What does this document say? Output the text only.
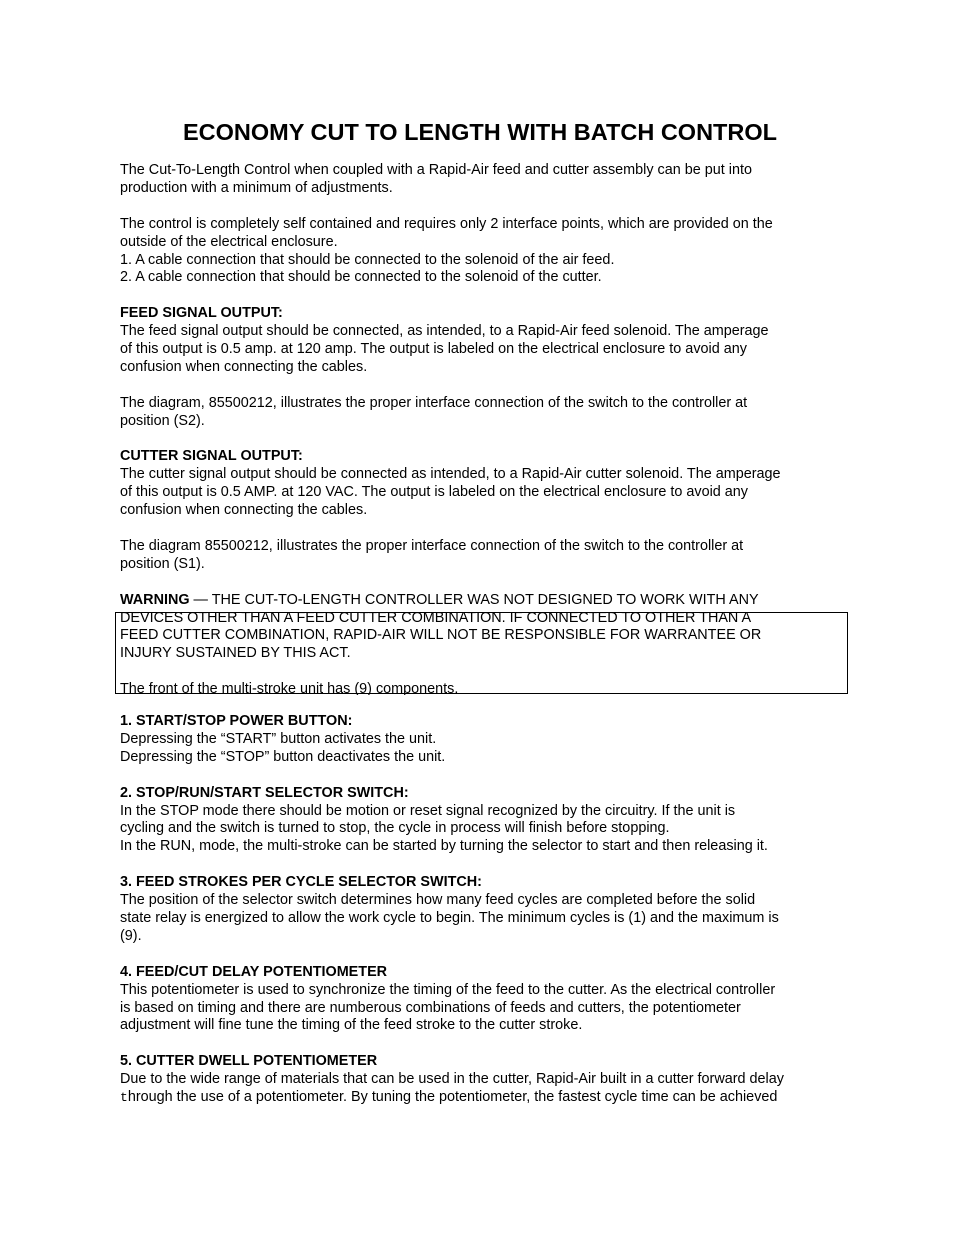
ECONOMY CUT TO LENGTH WITH BATCH CONTROL

The Cut-To-Length Control when coupled with a Rapid-Air feed and cutter assembly can be put into
production with a minimum of adjustments.

The control is completely self contained and requires only 2 interface points, which are provided on the
outside of the electrical enclosure.
1. A cable connection that should be connected to the solenoid of the air feed.
2. A cable connection that should be connected to the solenoid of the cutter.

FEED SIGNAL OUTPUT:
The feed signal output should be connected, as intended, to a Rapid-Air feed solenoid. The amperage
of this output is 0.5 amp. at 120 amp. The output is labeled on the electrical enclosure to avoid any
confusion when connecting the cables.

The diagram, 85500212, illustrates the proper interface connection of the switch to the controller at
position (S2).

CUTTER SIGNAL OUTPUT:
The cutter signal output should be connected as intended, to a Rapid-Air cutter solenoid. The amperage
of this output is 0.5 AMP. at 120 VAC. The output is labeled on the electrical enclosure to avoid any
confusion when connecting the cables.

The diagram 85500212, illustrates the proper interface connection of the switch to the controller at
position (S1).

WARNING — THE CUT-TO-LENGTH CONTROLLER WAS NOT DESIGNED TO WORK WITH ANY
DEVICES OTHER THAN A FEED CUTTER COMBINATION. IF CONNECTED TO OTHER THAN A
FEED CUTTER COMBINATION, RAPID-AIR WILL NOT BE RESPONSIBLE FOR WARRANTEE OR
INJURY SUSTAINED BY THIS ACT.

The front of the multi-stroke unit has (9) components.

1. START/STOP POWER BUTTON:
Depressing the “START” button activates the unit.
Depressing the “STOP” button deactivates the unit.

2. STOP/RUN/START SELECTOR SWITCH:
In the STOP mode there should be motion or reset signal recognized by the circuitry. If the unit is
cycling and the switch is turned to stop, the cycle in process will finish before stopping.
In the RUN, mode, the multi-stroke can be started by turning the selector to start and then releasing it.

3. FEED STROKES PER CYCLE SELECTOR SWITCH:
The position of the selector switch determines how many feed cycles are completed before the solid
state relay is energized to allow the work cycle to begin. The minimum cycles is (1) and the maximum is
(9).

4. FEED/CUT DELAY POTENTIOMETER
This potentiometer is used to synchronize the timing of the feed to the cutter. As the electrical controller
is based on timing and there are numberous combinations of feeds and cutters, the potentiometer
adjustment will fine tune the timing of the feed stroke to the cutter stroke.

5. CUTTER DWELL POTENTIOMETER
Due to the wide range of materials that can be used in the cutter, Rapid-Air built in a cutter forward delay
through the use of a potentiometer. By tuning the potentiometer, the fastest cycle time can be achieved
